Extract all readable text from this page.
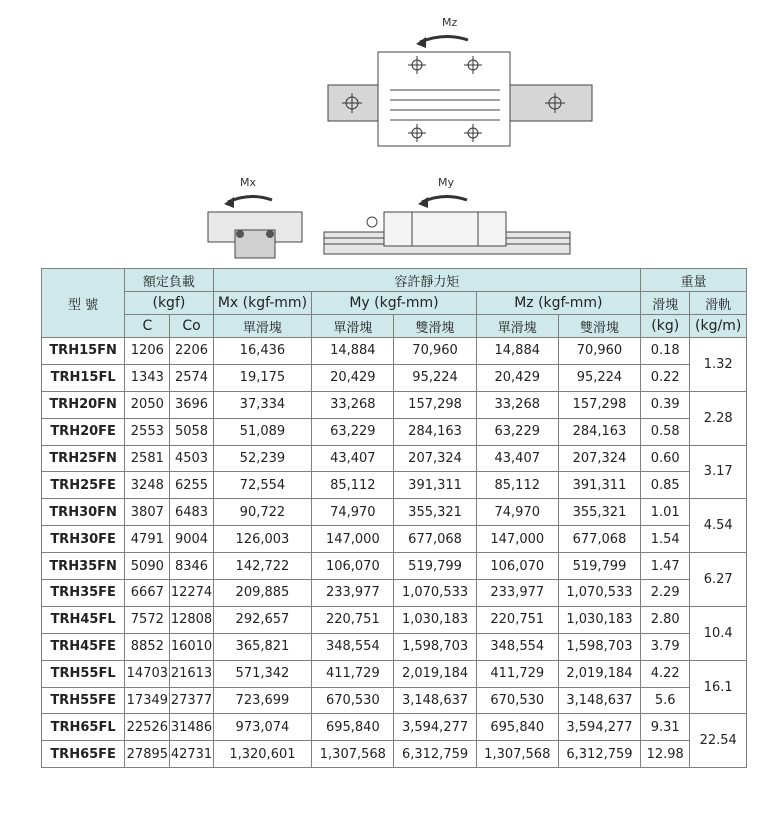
Mz
Mx	My
型 號	額定負載		容許靜力矩					重量	
	(kgf)		Mx (kgf-mm)	My (kgf-mm)		Mz (kgf-mm)		滑塊	滑軌
	C	Co	單滑塊	單滑塊	雙滑塊	單滑塊	雙滑塊	(kg)	(kg/m)
TRH15FN	1206	2206	16,436	14,884	70,960	14,884	70,960	0.18	1.32
TRH15FL	1343	2574	19,175	20,429	95,224	20,429	95,224	0.22	
TRH20FN	2050	3696	37,334	33,268	157,298	33,268	157,298	0.39	2.28
TRH20FE	2553	5058	51,089	63,229	284,163	63,229	284,163	0.58	
TRH25FN	2581	4503	52,239	43,407	207,324	43,407	207,324	0.60	3.17
TRH25FE	3248	6255	72,554	85,112	391,311	85,112	391,311	0.85	
TRH30FN	3807	6483	90,722	74,970	355,321	74,970	355,321	1.01	4.54
TRH30FE	4791	9004	126,003	147,000	677,068	147,000	677,068	1.54	
TRH35FN	5090	8346	142,722	106,070	519,799	106,070	519,799	1.47	6.27
TRH35FE	6667	12274	209,885	233,977	1,070,533	233,977	1,070,533	2.29	
TRH45FL	7572	12808	292,657	220,751	1,030,183	220,751	1,030,183	2.80	10.4
TRH45FE	8852	16010	365,821	348,554	1,598,703	348,554	1,598,703	3.79	
TRH55FL	14703	21613	571,342	411,729	2,019,184	411,729	2,019,184	4.22	16.1
TRH55FE	17349	27377	723,699	670,530	3,148,637	670,530	3,148,637	5.6	
TRH65FL	22526	31486	973,074	695,840	3,594,277	695,840	3,594,277	9.31	22.54
TRH65FE	27895	42731	1,320,601	1,307,568	6,312,759	1,307,568	6,312,759	12.98	
